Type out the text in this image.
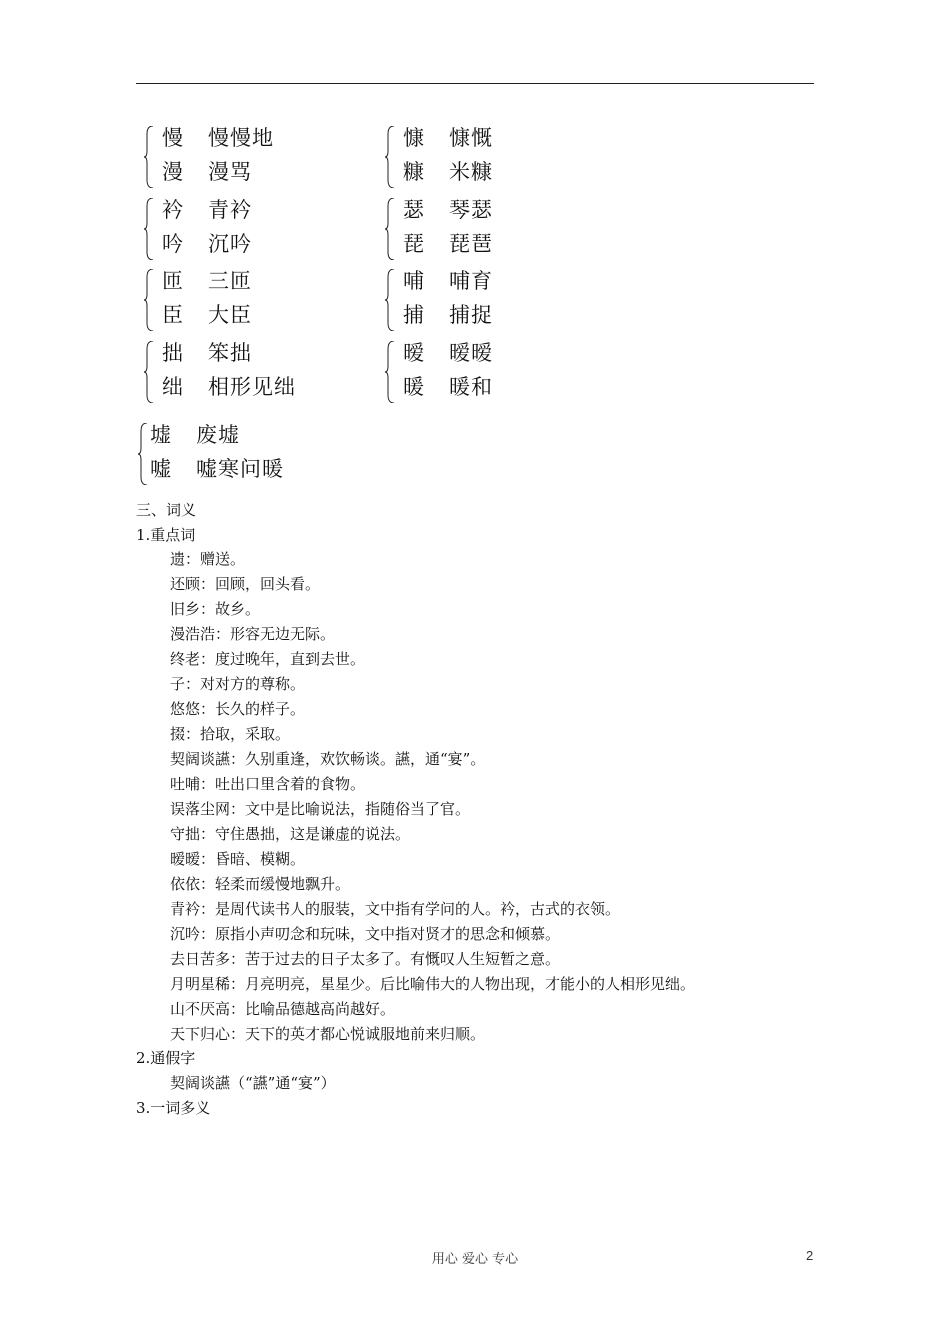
慢 慢慢地
漫 漫骂
慷 慷慨
糠 米糠
衿 青衿
吟 沉吟
瑟 琴瑟
琵 琵琶
匝 三匝
臣 大臣
哺 哺育
捕 捕捉
拙 笨拙
绌 相形见绌
暧 暧暧
暖 暖和
墟 废墟
嘘 嘘寒问暖
三、词义
1.重点词
遗：赠送。
还顾：回顾，回头看。
旧乡：故乡。
漫浩浩：形容无边无际。
终老：度过晚年，直到去世。
子：对对方的尊称。
悠悠：长久的样子。
掇：拾取，采取。
契阔谈讌：久别重逢，欢饮畅谈。讌，通“宴”。
吐哺：吐出口里含着的食物。
误落尘网：文中是比喻说法，指随俗当了官。
守拙：守住愚拙，这是谦虚的说法。
暧暧：昏暗、模糊。
依依：轻柔而缓慢地飘升。
青衿：是周代读书人的服装，文中指有学问的人。衿，古式的衣领。
沉吟：原指小声叨念和玩味，文中指对贤才的思念和倾慕。
去日苦多：苦于过去的日子太多了。有慨叹人生短暂之意。
月明星稀：月亮明亮，星星少。后比喻伟大的人物出现，才能小的人相形见绌。
山不厌高：比喻品德越高尚越好。
天下归心：天下的英才都心悦诚服地前来归顺。
2.通假字
契阔谈讌（“讌”通“宴”）
3.一词多义
用心 爱心 专心	2
